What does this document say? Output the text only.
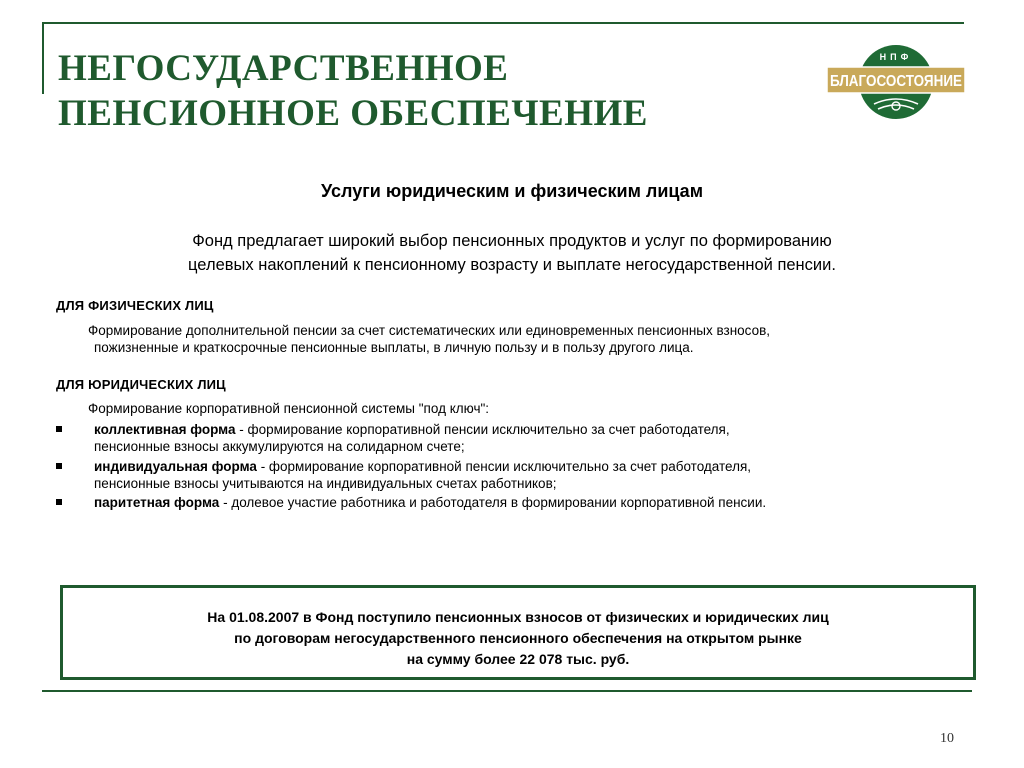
НЕГОСУДАРСТВЕННОЕ
ПЕНСИОННОЕ ОБЕСПЕЧЕНИЕ
НПФ
БЛАГОСОСТОЯНИЕ
Услуги юридическим и физическим лицам
Фонд предлагает широкий выбор пенсионных продуктов и услуг по формированию
целевых накоплений к пенсионному возрасту и выплате негосударственной пенсии.
ДЛЯ ФИЗИЧЕСКИХ ЛИЦ
Формирование дополнительной пенсии за счет систематических или единовременных пенсионных взносов,
пожизненные и краткосрочные пенсионные выплаты, в личную пользу и в пользу другого лица.
ДЛЯ ЮРИДИЧЕСКИХ ЛИЦ
Формирование корпоративной пенсионной системы "под ключ":
коллективная форма - формирование корпоративной пенсии исключительно за счет работодателя,
пенсионные взносы аккумулируются на солидарном счете;
индивидуальная форма - формирование корпоративной пенсии исключительно за счет работодателя,
пенсионные взносы учитываются на индивидуальных счетах работников;
паритетная форма - долевое участие работника и работодателя в формировании корпоративной пенсии.
На 01.08.2007 в Фонд поступило пенсионных взносов от физических и юридических лиц
по договорам негосударственного пенсионного обеспечения на открытом рынке
на сумму более 22 078 тыс. руб.
10
